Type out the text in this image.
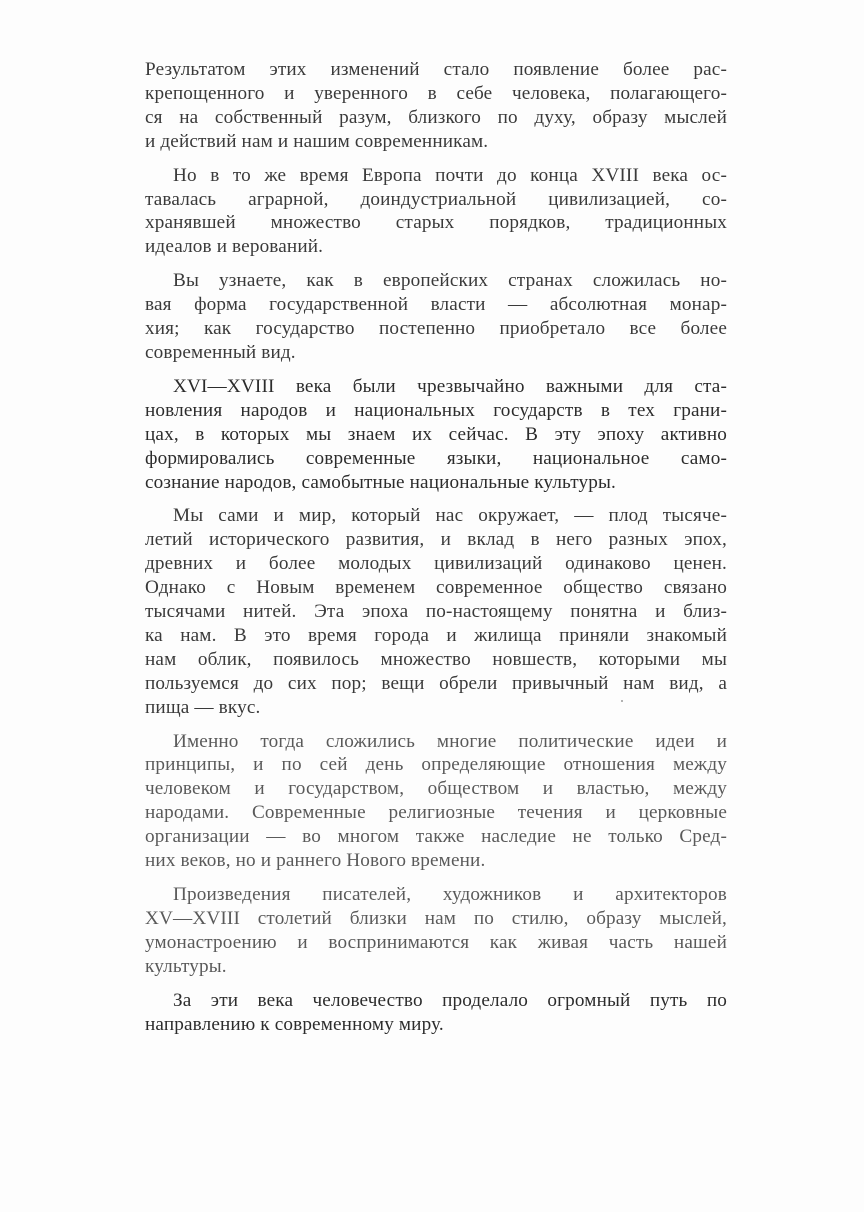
Результатом этих изменений стало появление более рас-
крепощенного и уверенного в себе человека, полагающего-
ся на собственный разум, близкого по духу, образу мыслей
и действий нам и нашим современникам.
Но в то же время Европа почти до конца XVIII века ос-
тавалась аграрной, доиндустриальной цивилизацией, со-
хранявшей множество старых порядков, традиционных
идеалов и верований.
Вы узнаете, как в европейских странах сложилась но-
вая форма государственной власти — абсолютная монар-
хия; как государство постепенно приобретало все более
современный вид.
XVI—XVIII века были чрезвычайно важными для ста-
новления народов и национальных государств в тех грани-
цах, в которых мы знаем их сейчас. В эту эпоху активно
формировались современные языки, национальное само-
сознание народов, самобытные национальные культуры.
Мы сами и мир, который нас окружает, — плод тысяче-
летий исторического развития, и вклад в него разных эпох,
древних и более молодых цивилизаций одинаково ценен.
Однако с Новым временем современное общество связано
тысячами нитей. Эта эпоха по-настоящему понятна и близ-
ка нам. В это время города и жилища приняли знакомый
нам облик, появилось множество новшеств, которыми мы
пользуемся до сих пор; вещи обрели привычный нам вид, а
пища — вкус.
Именно тогда сложились многие политические идеи и
принципы, и по сей день определяющие отношения между
человеком и государством, обществом и властью, между
народами. Современные религиозные течения и церковные
организации — во многом также наследие не только Сред-
них веков, но и раннего Нового времени.
Произведения писателей, художников и архитекторов
XV—XVIII столетий близки нам по стилю, образу мыслей,
умонастроению и воспринимаются как живая часть нашей
культуры.
За эти века человечество проделало огромный путь по
направлению к современному миру.
